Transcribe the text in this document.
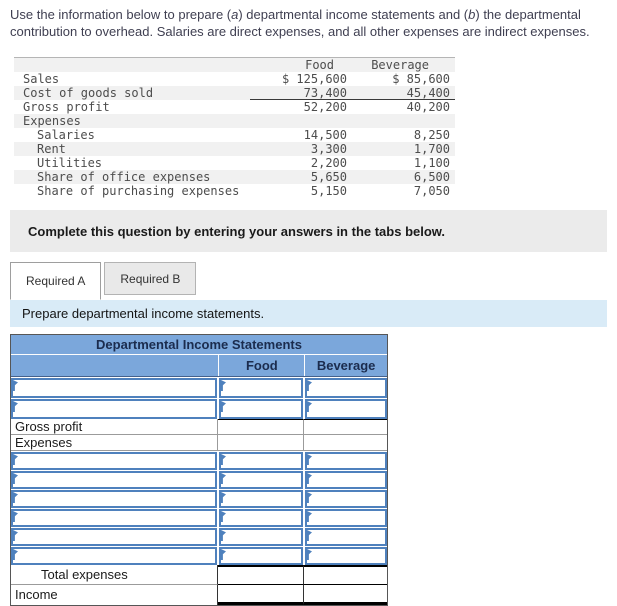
Use the information below to prepare (a) departmental income statements and (b) the departmental contribution to overhead. Salaries are direct expenses, and all other expenses are indirect expenses.
Food	Beverage
Sales	$ 125,600	$ 85,600
Cost of goods sold	73,400	45,400
Gross profit	52,200	40,200
Expenses
Salaries	14,500	8,250
Rent	3,300	1,700
Utilities	2,200	1,100
Share of office expenses	5,650	6,500
Share of purchasing expenses	5,150	7,050
Complete this question by entering your answers in the tabs below.
Required A	Required B
Prepare departmental income statements.
Departmental Income Statements
Food	Beverage
Gross profit
Expenses
Total expenses
Income
